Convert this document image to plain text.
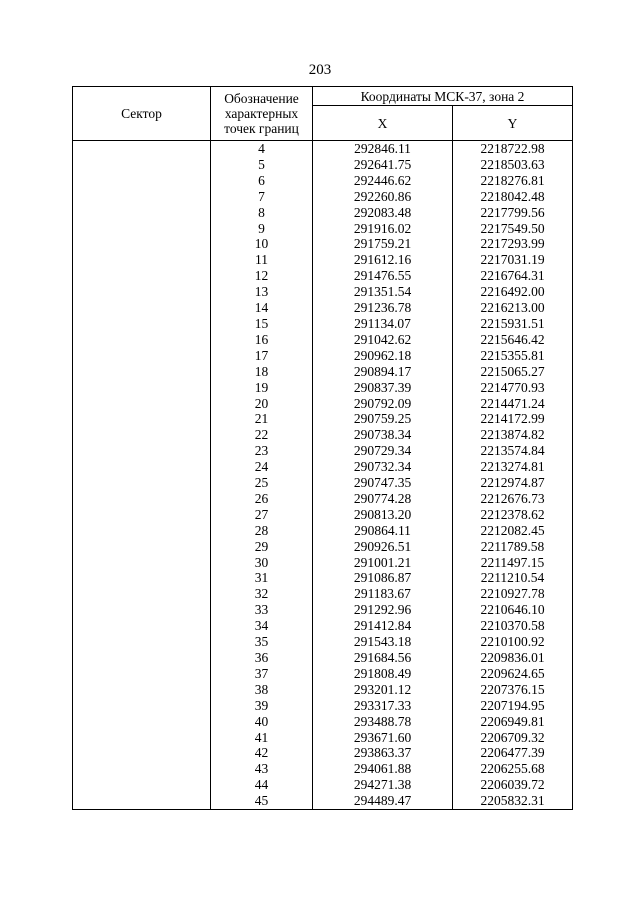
203
Сектор	Обозначение характерных точек границ	Координаты МСК-37, зона 2	
		X	Y
	4	292846.11	2218722.98
	5	292641.75	2218503.63
	6	292446.62	2218276.81
	7	292260.86	2218042.48
	8	292083.48	2217799.56
	9	291916.02	2217549.50
	10	291759.21	2217293.99
	11	291612.16	2217031.19
	12	291476.55	2216764.31
	13	291351.54	2216492.00
	14	291236.78	2216213.00
	15	291134.07	2215931.51
	16	291042.62	2215646.42
	17	290962.18	2215355.81
	18	290894.17	2215065.27
	19	290837.39	2214770.93
	20	290792.09	2214471.24
	21	290759.25	2214172.99
	22	290738.34	2213874.82
	23	290729.34	2213574.84
	24	290732.34	2213274.81
	25	290747.35	2212974.87
	26	290774.28	2212676.73
	27	290813.20	2212378.62
	28	290864.11	2212082.45
	29	290926.51	2211789.58
	30	291001.21	2211497.15
	31	291086.87	2211210.54
	32	291183.67	2210927.78
	33	291292.96	2210646.10
	34	291412.84	2210370.58
	35	291543.18	2210100.92
	36	291684.56	2209836.01
	37	291808.49	2209624.65
	38	293201.12	2207376.15
	39	293317.33	2207194.95
	40	293488.78	2206949.81
	41	293671.60	2206709.32
	42	293863.37	2206477.39
	43	294061.88	2206255.68
	44	294271.38	2206039.72
	45	294489.47	2205832.31
